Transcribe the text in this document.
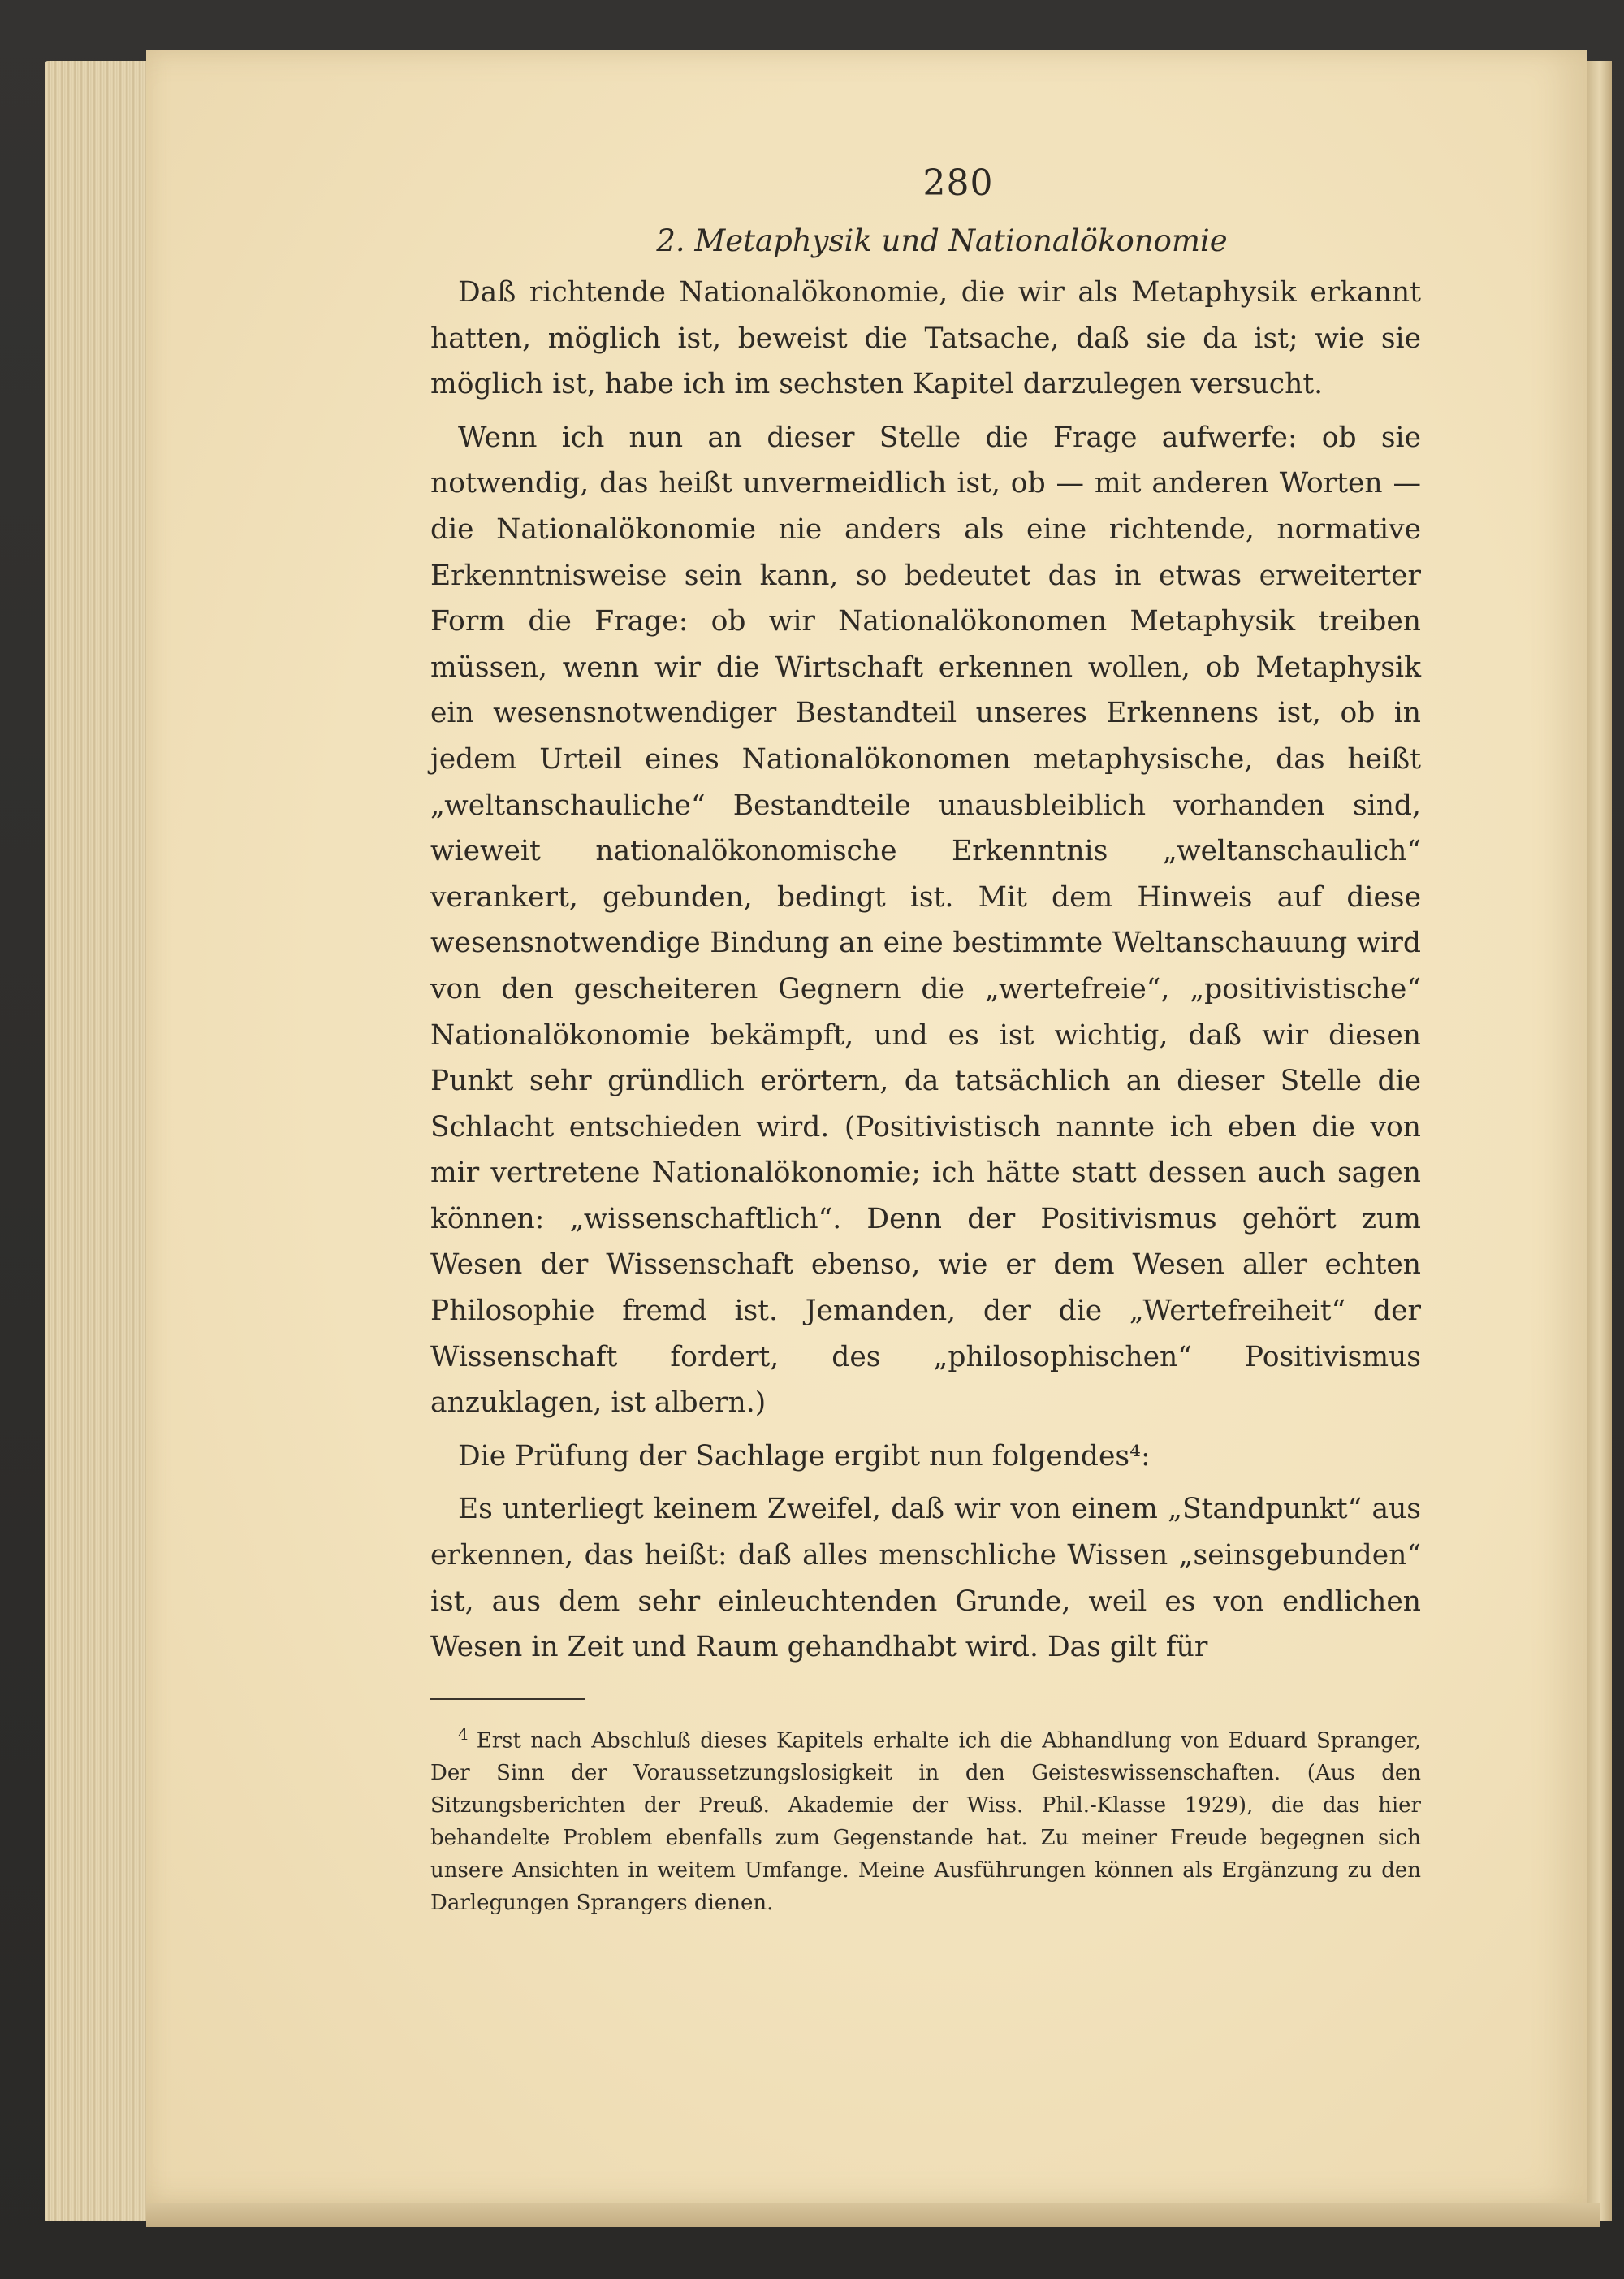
280
2. Metaphysik und Nationalökonomie

Daß richtende Nationalökonomie, die wir als Metaphysik erkannt hatten, möglich ist, beweist die Tatsache, daß sie da ist; wie sie möglich ist, habe ich im sechsten Kapitel darzulegen versucht.

Wenn ich nun an dieser Stelle die Frage aufwerfe: ob sie notwendig, das heißt unvermeidlich ist, ob — mit anderen Worten — die Nationalökonomie nie anders als eine richtende, normative Erkenntnisweise sein kann, so bedeutet das in etwas erweiterter Form die Frage: ob wir Nationalökonomen Metaphysik treiben müssen, wenn wir die Wirtschaft erkennen wollen, ob Metaphysik ein wesensnotwendiger Bestandteil unseres Erkennens ist, ob in jedem Urteil eines Nationalökonomen metaphysische, das heißt „weltanschauliche“ Bestandteile unausbleiblich vorhanden sind, wieweit nationalökonomische Erkenntnis „weltanschaulich“ verankert, gebunden, bedingt ist. Mit dem Hinweis auf diese wesensnotwendige Bindung an eine bestimmte Weltanschauung wird von den gescheiteren Gegnern die „wertefreie“, „positivistische“ Nationalökonomie bekämpft, und es ist wichtig, daß wir diesen Punkt sehr gründlich erörtern, da tatsächlich an dieser Stelle die Schlacht entschieden wird. (Positivistisch nannte ich eben die von mir vertretene Nationalökonomie; ich hätte statt dessen auch sagen können: „wissenschaftlich“. Denn der Positivismus gehört zum Wesen der Wissenschaft ebenso, wie er dem Wesen aller echten Philosophie fremd ist. Jemanden, der die „Wertefreiheit“ der Wissenschaft fordert, des „philosophischen“ Positivismus anzuklagen, ist albern.)

Die Prüfung der Sachlage ergibt nun folgendes⁴:

Es unterliegt keinem Zweifel, daß wir von einem „Standpunkt“ aus erkennen, das heißt: daß alles menschliche Wissen „seinsgebunden“ ist, aus dem sehr einleuchtenden Grunde, weil es von endlichen Wesen in Zeit und Raum gehandhabt wird. Das gilt für

$^4$ Erst nach Abschluß dieses Kapitels erhalte ich die Abhandlung von Eduard Spranger, Der Sinn der Voraussetzungslosigkeit in den Geisteswissenschaften. (Aus den Sitzungsberichten der Preuß. Akademie der Wiss. Phil.-Klasse 1929), die das hier behandelte Problem ebenfalls zum Gegenstande hat. Zu meiner Freude begegnen sich unsere Ansichten in weitem Umfange. Meine Ausführungen können als Ergänzung zu den Darlegungen Sprangers dienen.
